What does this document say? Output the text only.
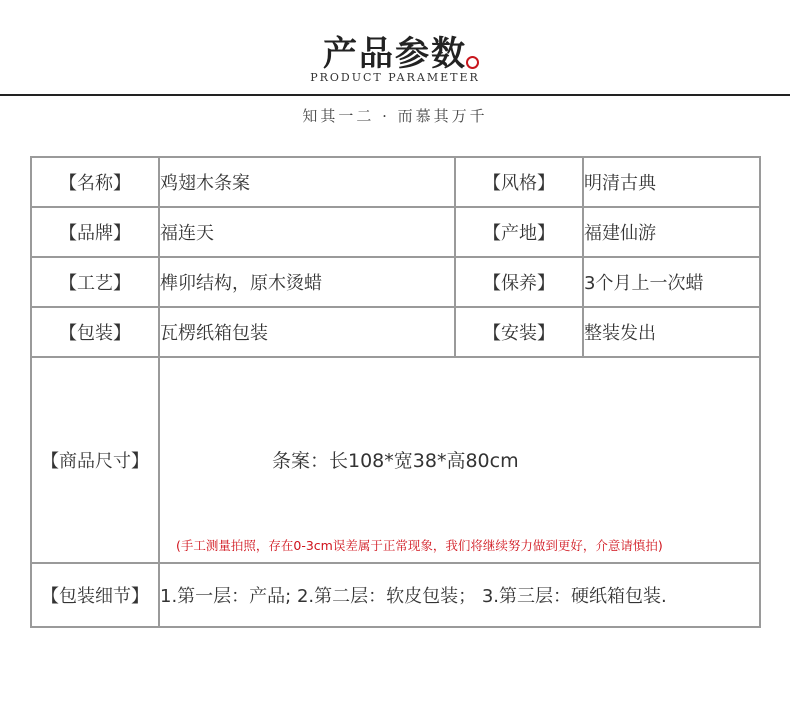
产品参数
PRODUCT PARAMETER
知其一二 · 而慕其万千
【名称】	鸡翅木条案	【风格】	明清古典
【品牌】	福连天	【产地】	福建仙游
【工艺】	榫卯结构，原木烫蜡	【保养】	3个月上一次蜡
【包装】	瓦楞纸箱包装	【安装】	整装发出
【商品尺寸】	条案：长108*宽38*高80cm
(手工测量拍照，存在0-3cm误差属于正常现象，我们将继续努力做到更好，介意请慎拍)		

【包装细节】	1.第一层：产品; 2.第二层：软皮包装； 3.第三层：硬纸箱包装.		
